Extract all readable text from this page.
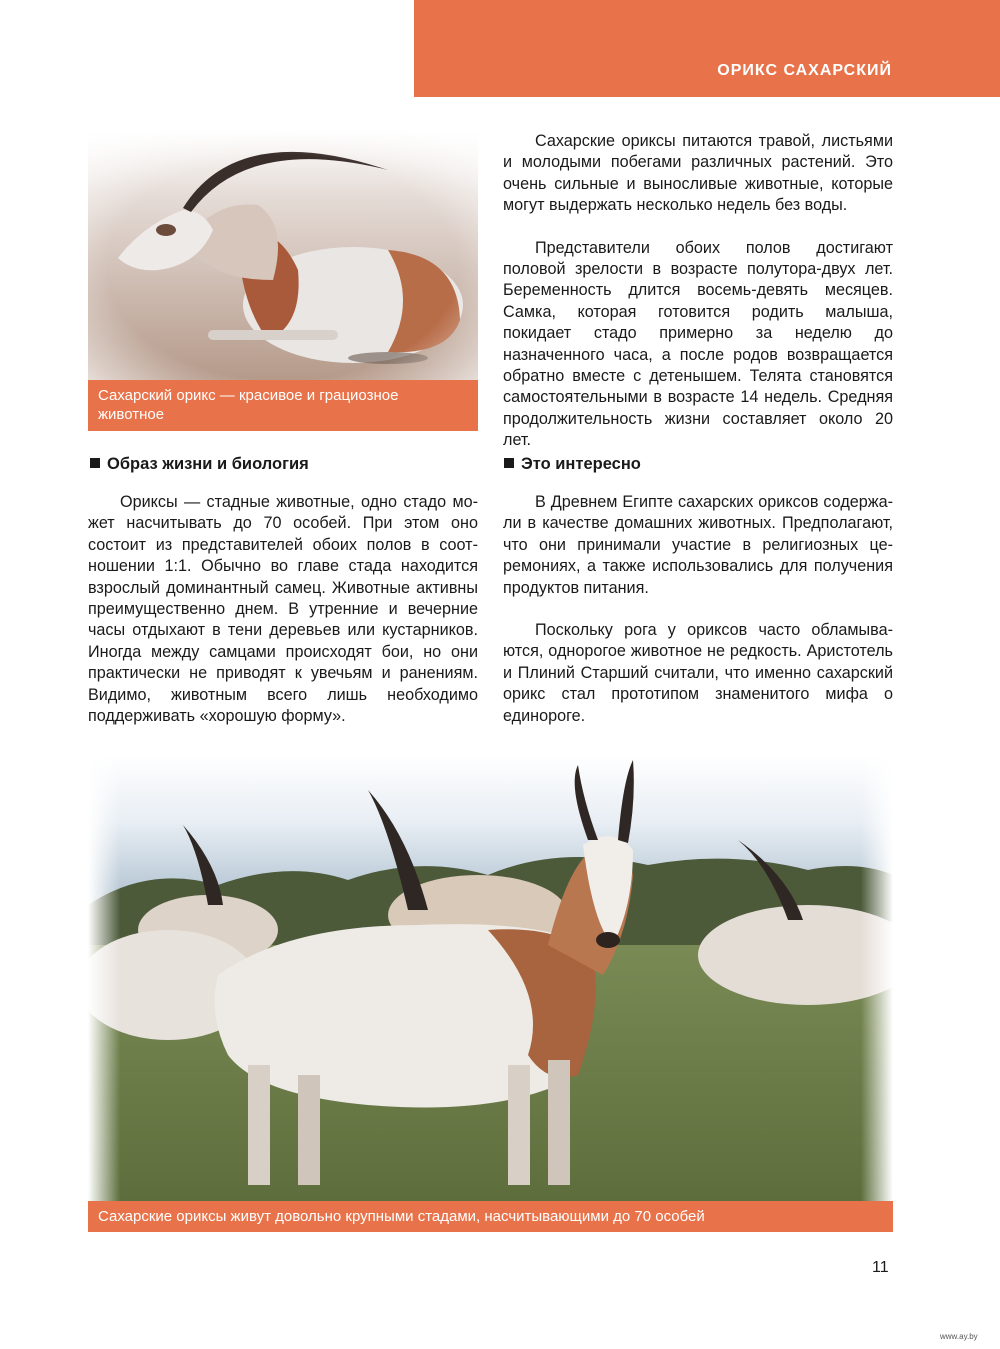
ОРИКС САХАРСКИЙ
Сахарский орикс — красивое и грациозное животное

Сахарские ориксы питаются травой, листьями и молодыми побегами различных растений. Это очень сильные и выносливые животные, которые могут выдержать несколько недель без воды.

Представители обоих полов достигают половой зрелости в возрасте полутора-двух лет. Беременность длится восемь-девять месяцев. Самка, которая готовится родить малыша, покидает стадо примерно за неделю до назначенного часа, а после родов возвращается обратно вместе с детенышем. Телята становятся самостоятельными в возрасте 14 недель. Средняя продолжительность жизни составляет около 20 лет.

Образ жизни и биология	Это интересно

Ориксы — стадные животные, одно стадо может насчитывать до 70 особей. При этом оно состоит из представителей обоих полов в соотношении 1:1. Обычно во главе стада находится взрослый доминантный самец. Животные активны преимущественно днем. В утренние и вечерние часы отдыхают в тени деревьев или кустарников. Иногда между самцами происходят бои, но они практически не приводят к увечьям и ранениям. Видимо, животным всего лишь необходимо поддерживать «хорошую форму».

В Древнем Египте сахарских ориксов содержали в качестве домашних животных. Предполагают, что они принимали участие в религиозных церемониях, а также использовались для получения продуктов питания.

Поскольку рога у ориксов часто обламываются, однорогое животное не редкость. Аристотель и Плиний Старший считали, что именно сахарский орикс стал прототипом знаменитого мифа о единороге.

Сахарские ориксы живут довольно крупными стадами, насчитывающими до 70 особей
11
www.ay.by
